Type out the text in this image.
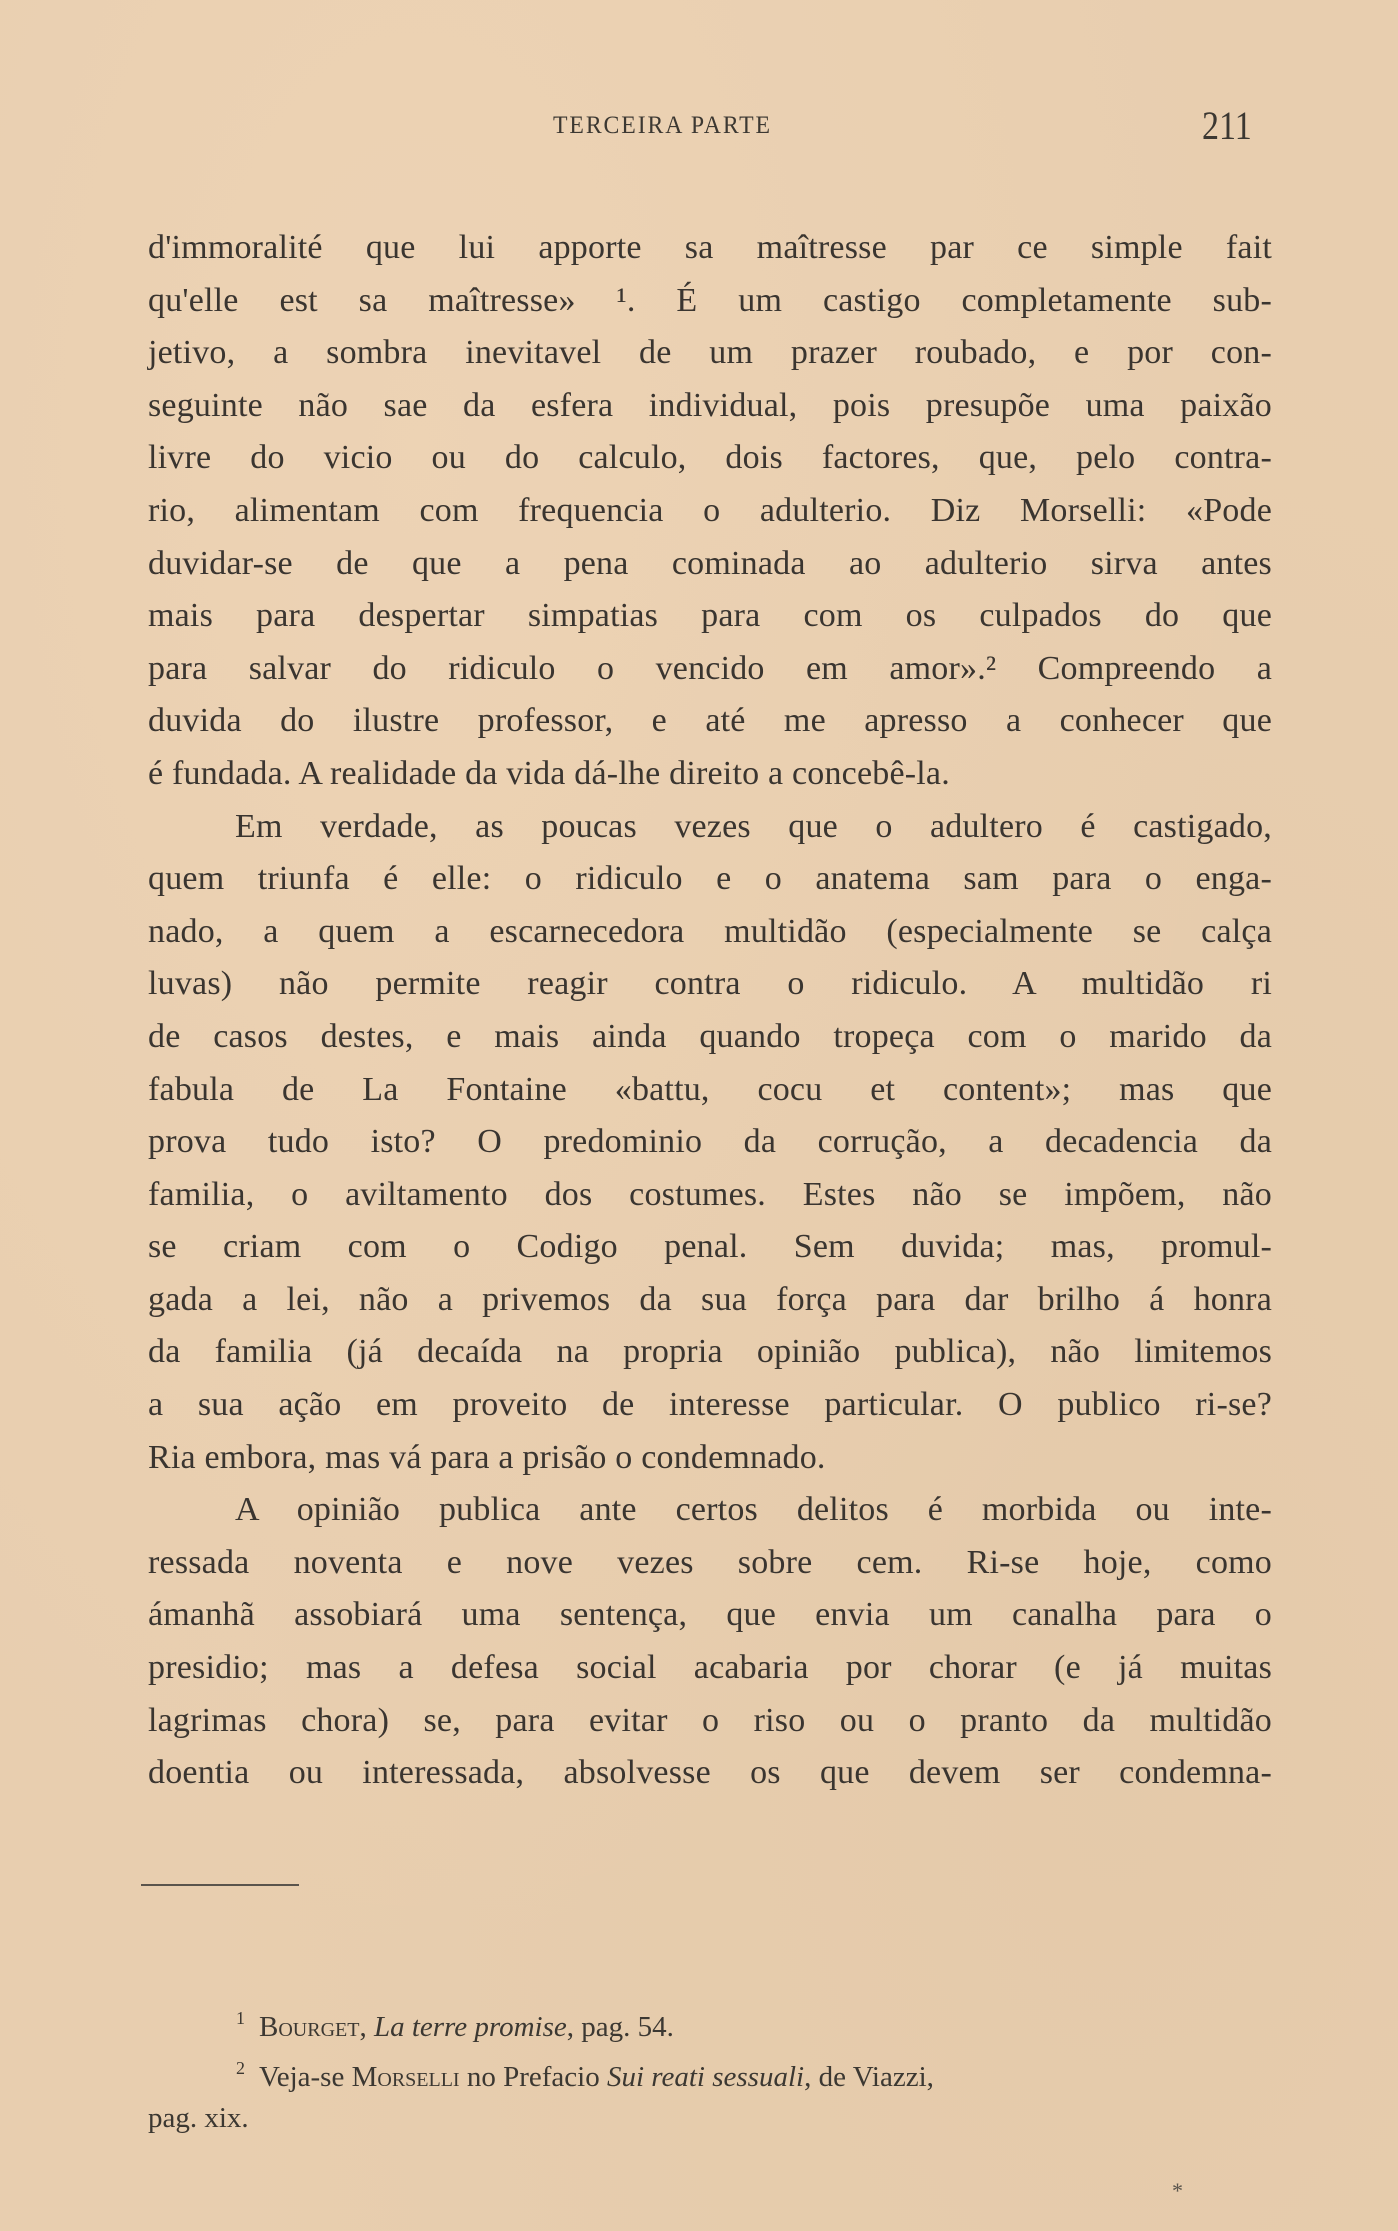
TERCEIRA PARTE	211
d'immoralité que lui apporte sa maîtresse par ce simple fait
qu'elle est sa maîtresse» ¹. É um castigo completamente sub-
jetivo, a sombra inevitavel de um prazer roubado, e por con-
seguinte não sae da esfera individual, pois presupõe uma paixão
livre do vicio ou do calculo, dois factores, que, pelo contra-
rio, alimentam com frequencia o adulterio. Diz Morselli: «Pode
duvidar-se de que a pena cominada ao adulterio sirva antes
mais para despertar simpatias para com os culpados do que
para salvar do ridiculo o vencido em amor».² Compreendo a
duvida do ilustre professor, e até me apresso a conhecer que
é fundada. A realidade da vida dá-lhe direito a concebê-la.
Em verdade, as poucas vezes que o adultero é castigado,
quem triunfa é elle: o ridiculo e o anatema sam para o enga-
nado, a quem a escarnecedora multidão (especialmente se calça
luvas) não permite reagir contra o ridiculo. A multidão ri
de casos destes, e mais ainda quando tropeça com o marido da
fabula de La Fontaine «battu, cocu et content»; mas que
prova tudo isto? O predominio da corrução, a decadencia da
familia, o aviltamento dos costumes. Estes não se impõem, não
se criam com o Codigo penal. Sem duvida; mas, promul-
gada a lei, não a privemos da sua força para dar brilho á honra
da familia (já decaída na propria opinião publica), não limitemos
a sua ação em proveito de interesse particular. O publico ri-se?
Ria embora, mas vá para a prisão o condemnado.
A opinião publica ante certos delitos é morbida ou inte-
ressada noventa e nove vezes sobre cem. Ri-se hoje, como
ámanhã assobiará uma sentença, que envia um canalha para o
presidio; mas a defesa social acabaria por chorar (e já muitas
lagrimas chora) se, para evitar o riso ou o pranto da multidão
doentia ou interessada, absolvesse os que devem ser condemna-
$^1$ Bourget, La terre promise, pag. 54.
$^2$ Veja-se Morselli no Prefacio Sui reati sessuali, de Viazzi,
pag. xix.
*
